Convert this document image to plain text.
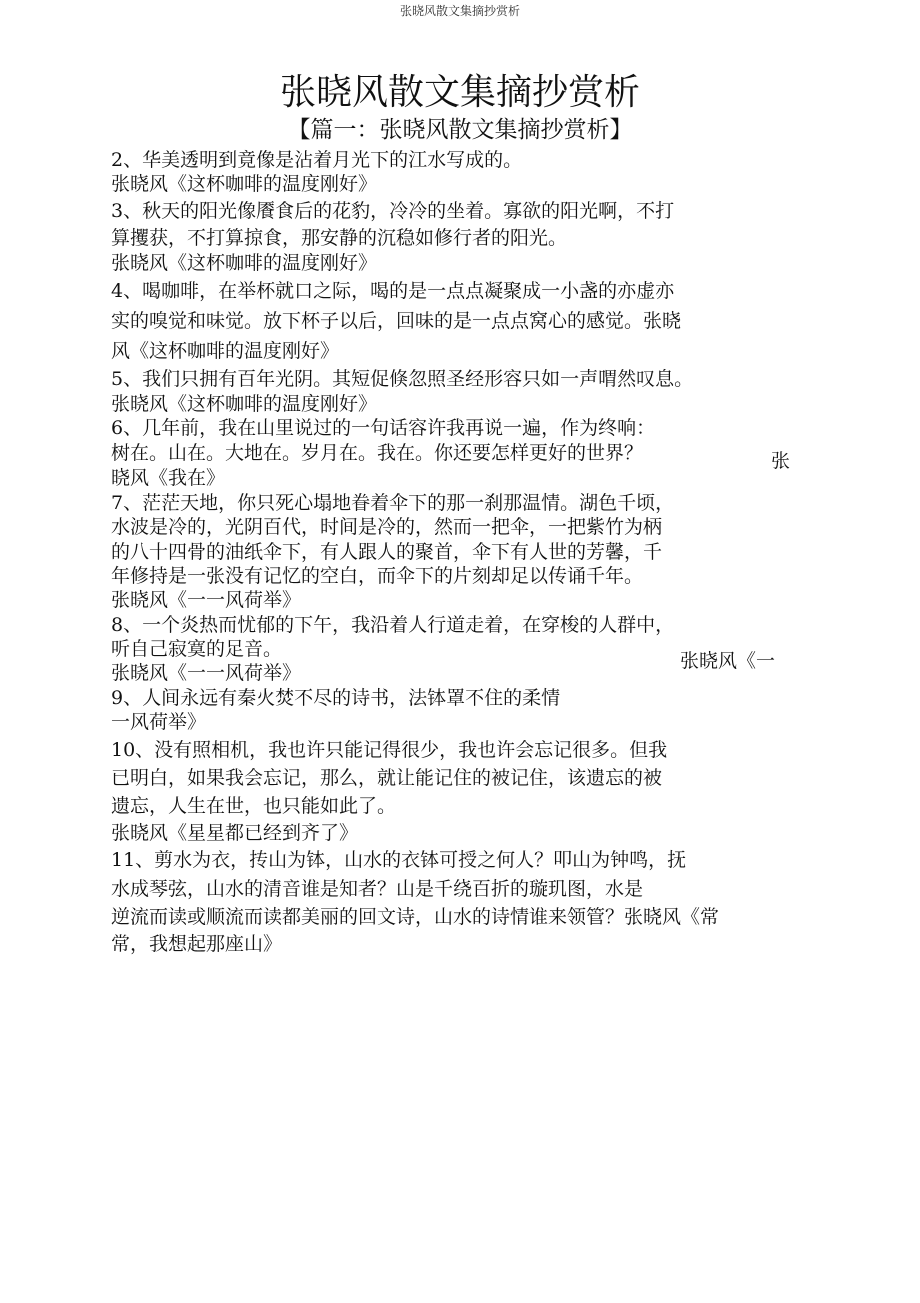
张晓风散文集摘抄赏析
张晓风散文集摘抄赏析
【篇一：张晓风散文集摘抄赏析】
2、华美透明到竟像是沾着月光下的江水写成的。
张晓风《这杯咖啡的温度刚好》
3、秋天的阳光像餍食后的花豹，冷冷的坐着。寡欲的阳光啊，不打
算攫获，不打算掠食，那安静的沉稳如修行者的阳光。
张晓风《这杯咖啡的温度刚好》
4、喝咖啡，在举杯就口之际，喝的是一点点凝聚成一小盏的亦虚亦
实的嗅觉和味觉。放下杯子以后，回味的是一点点窝心的感觉。张晓
风《这杯咖啡的温度刚好》
5、我们只拥有百年光阴。其短促倏忽照圣经形容只如一声喟然叹息。
张晓风《这杯咖啡的温度刚好》
6、几年前，我在山里说过的一句话容许我再说一遍，作为终响：
树在。山在。大地在。岁月在。我在。你还要怎样更好的世界？
晓风《我在》
7、茫茫天地，你只死心塌地眷着伞下的那一刹那温情。湖色千顷，
水波是冷的，光阴百代，时间是冷的，然而一把伞，一把紫竹为柄
的八十四骨的油纸伞下，有人跟人的聚首，伞下有人世的芳馨，千
年修持是一张没有记忆的空白，而伞下的片刻却足以传诵千年。
张晓风《一一风荷举》
8、一个炎热而忧郁的下午，我沿着人行道走着，在穿梭的人群中，
听自己寂寞的足音。
张晓风《一一风荷举》
9、人间永远有秦火焚不尽的诗书，法钵罩不住的柔情
一风荷举》
10、没有照相机，我也许只能记得很少，我也许会忘记很多。但我
已明白，如果我会忘记，那么，就让能记住的被记住，该遗忘的被
遗忘，人生在世，也只能如此了。
张晓风《星星都已经到齐了》
11、剪水为衣，抟山为钵，山水的衣钵可授之何人？叩山为钟鸣，抚
水成琴弦，山水的清音谁是知者？山是千绕百折的璇玑图，水是
逆流而读或顺流而读都美丽的回文诗，山水的诗情谁来领管？张晓风《常
常，我想起那座山》
张
张晓风《一
